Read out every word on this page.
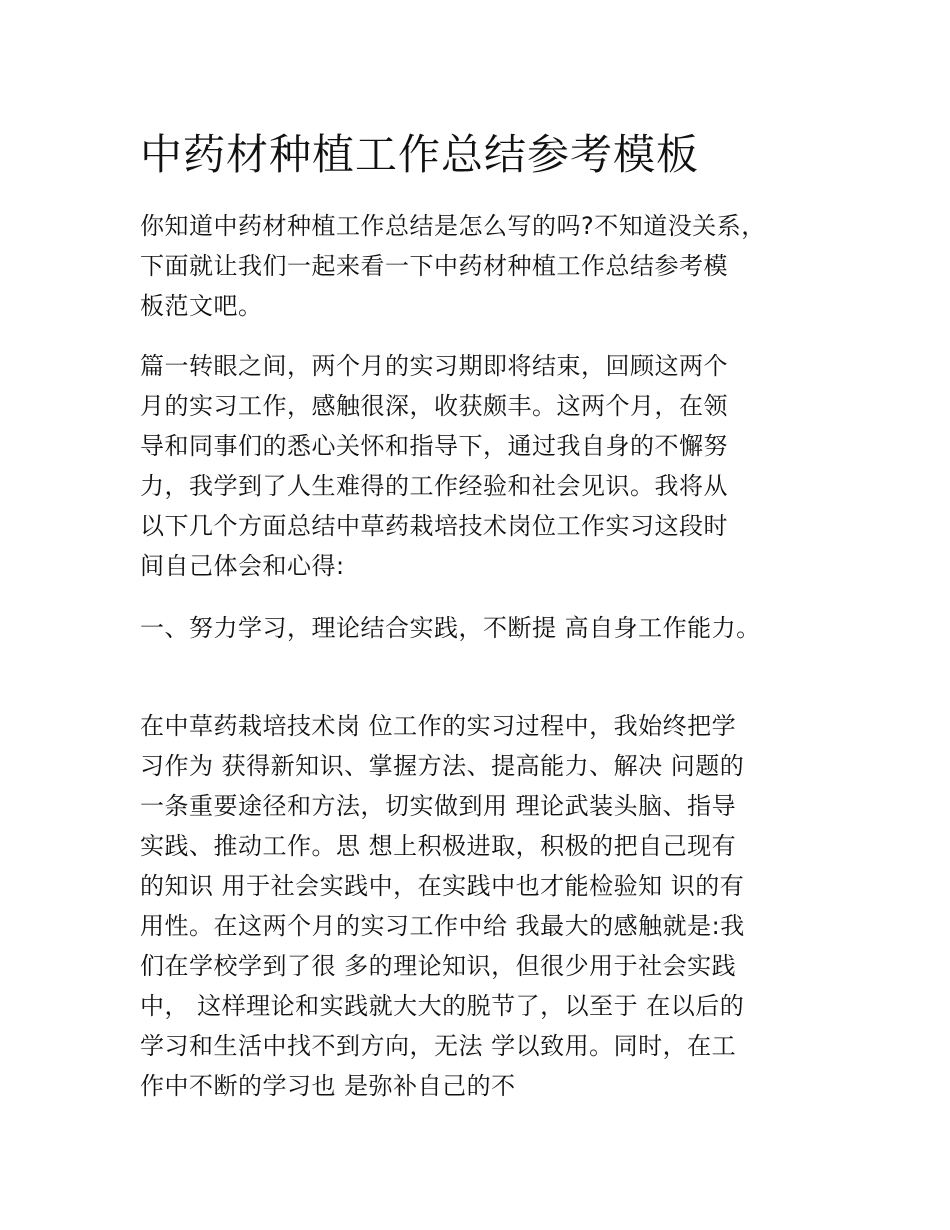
中药材种植工作总结参考模板
你知道中药材种植工作总结是怎么写的吗?不知道没关系，
下面就让我们一起来看一下中药材种植工作总结参考模
板范文吧。
篇一转眼之间，两个月的实习期即将结束，回顾这两个
月的实习工作，感触很深，收获颇丰。这两个月，在领
导和同事们的悉心关怀和指导下，通过我自身的不懈努
力，我学到了人生难得的工作经验和社会见识。我将从
以下几个方面总结中草药栽培技术岗位工作实习这段时
间自己体会和心得:
一、努力学习，理论结合实践，不断提 高自身工作能力。
在中草药栽培技术岗 位工作的实习过程中，我始终把学
习作为 获得新知识、掌握方法、提高能力、解决 问题的
一条重要途径和方法，切实做到用 理论武装头脑、指导
实践、推动工作。思 想上积极进取，积极的把自己现有
的知识 用于社会实践中，在实践中也才能检验知 识的有
用性。在这两个月的实习工作中给 我最大的感触就是:我
们在学校学到了很 多的理论知识，但很少用于社会实践
中， 这样理论和实践就大大的脱节了，以至于 在以后的
学习和生活中找不到方向，无法 学以致用。同时，在工
作中不断的学习也 是弥补自己的不
